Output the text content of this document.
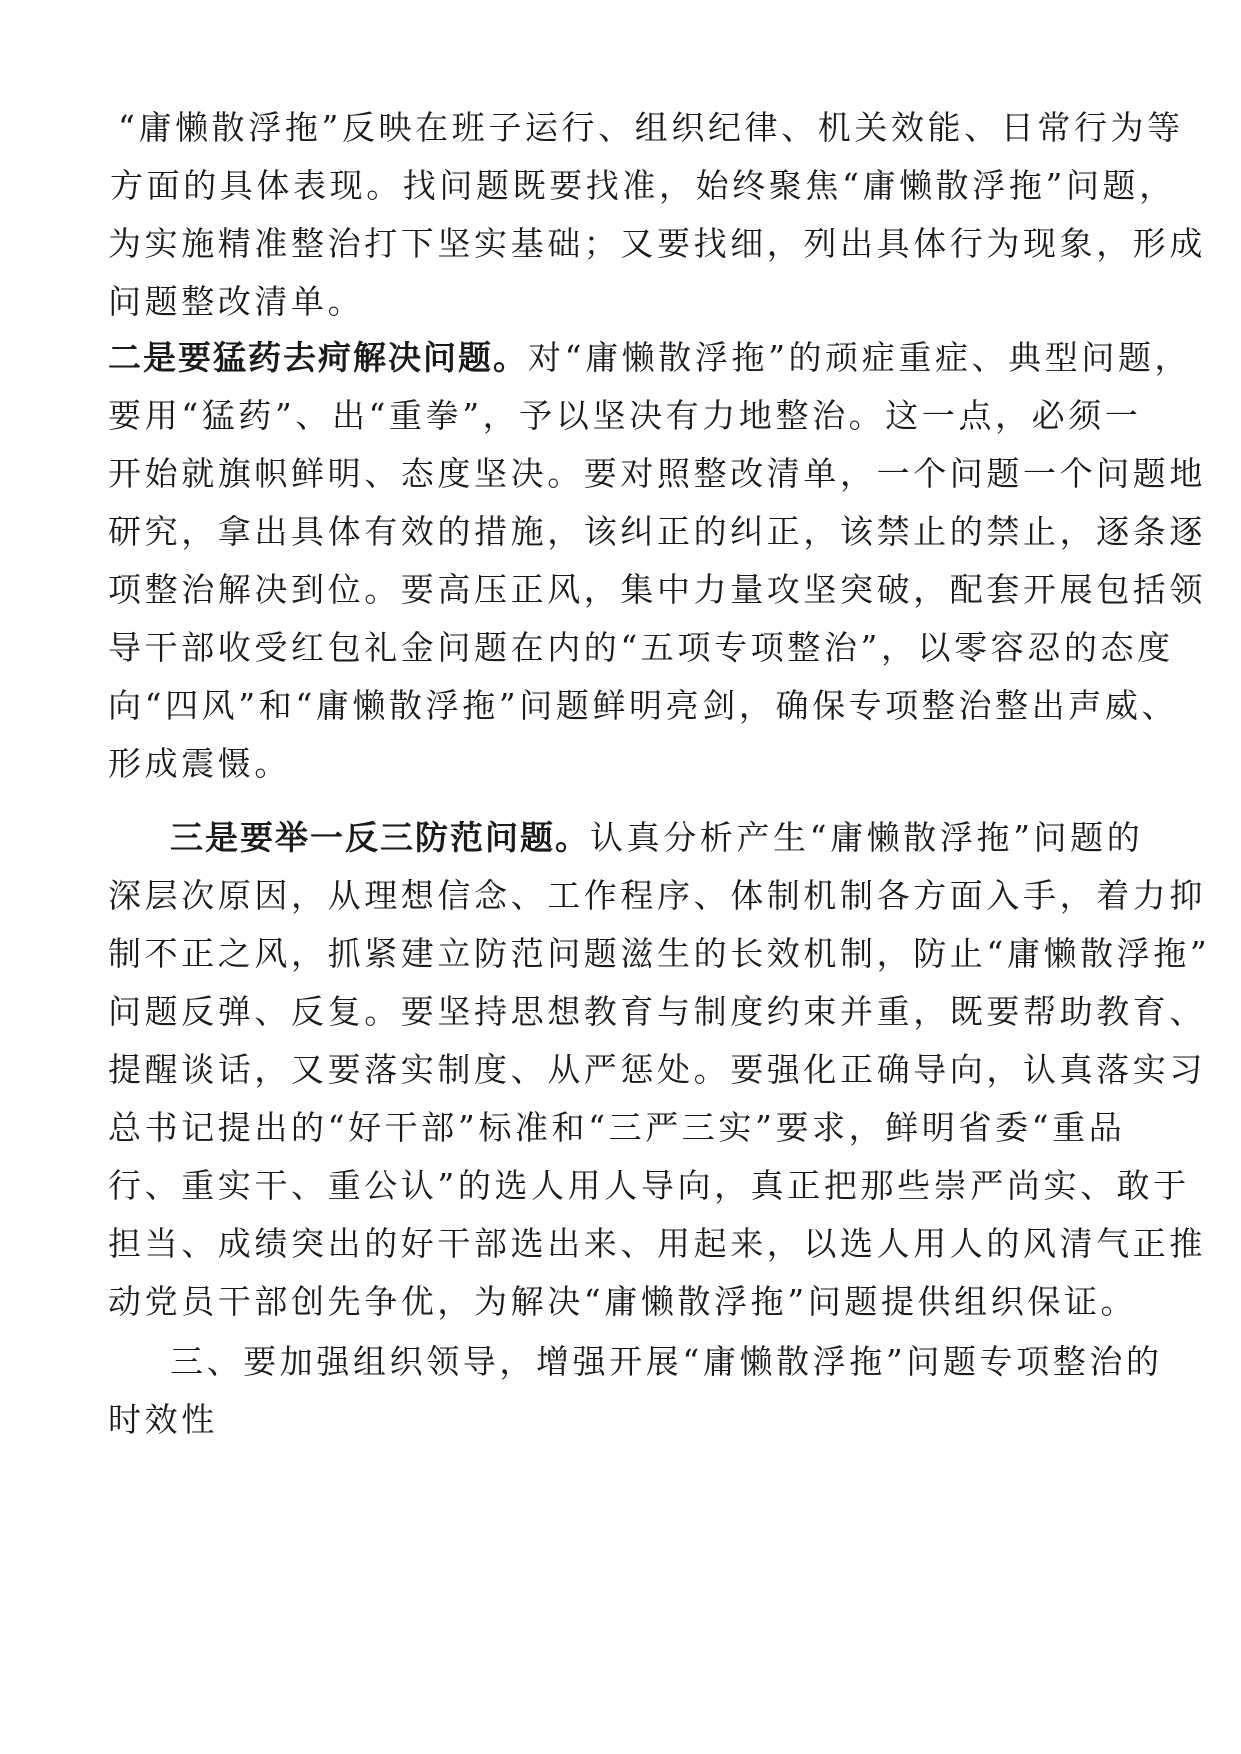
“庸懒散浮拖”反映在班子运行、组织纪律、机关效能、日常行为等
方面的具体表现。找问题既要找准，始终聚焦“庸懒散浮拖”问题，
为实施精准整治打下坚实基础；又要找细，列出具体行为现象，形成
问题整改清单。
二是要猛药去疴解决问题。对“庸懒散浮拖”的顽症重症、典型问题，
要用“猛药”、出“重拳”，予以坚决有力地整治。这一点，必须一
开始就旗帜鲜明、态度坚决。要对照整改清单，一个问题一个问题地
研究，拿出具体有效的措施，该纠正的纠正，该禁止的禁止，逐条逐
项整治解决到位。要高压正风，集中力量攻坚突破，配套开展包括领
导干部收受红包礼金问题在内的“五项专项整治”，以零容忍的态度
向“四风”和“庸懒散浮拖”问题鲜明亮剑，确保专项整治整出声威、
形成震慑。
三是要举一反三防范问题。认真分析产生“庸懒散浮拖”问题的
深层次原因，从理想信念、工作程序、体制机制各方面入手，着力抑
制不正之风，抓紧建立防范问题滋生的长效机制，防止“庸懒散浮拖”
问题反弹、反复。要坚持思想教育与制度约束并重，既要帮助教育、
提醒谈话，又要落实制度、从严惩处。要强化正确导向，认真落实习
总书记提出的“好干部”标准和“三严三实”要求，鲜明省委“重品
行、重实干、重公认”的选人用人导向，真正把那些崇严尚实、敢于
担当、成绩突出的好干部选出来、用起来，以选人用人的风清气正推
动党员干部创先争优，为解决“庸懒散浮拖”问题提供组织保证。
三、要加强组织领导，增强开展“庸懒散浮拖”问题专项整治的
时效性
